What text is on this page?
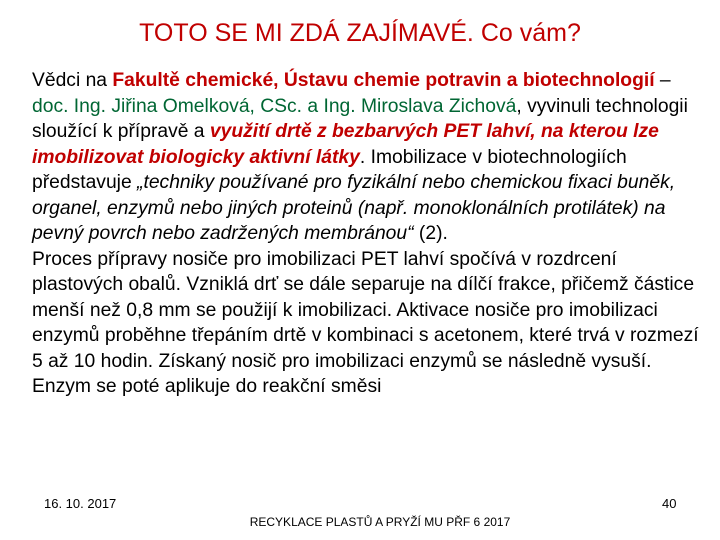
TOTO SE MI ZDÁ ZAJÍMAVÉ. Co vám?

Vědci na Fakultě chemické, Ústavu chemie potravin a biotechnologií – doc. Ing. Jiřina Omelková, CSc. a Ing. Miroslava Zichová, vyvinuli technologii sloužící k přípravě a využití drtě z bezbarvých PET lahví, na kterou lze imobilizovat biologicky aktivní látky. Imobilizace v biotechnologiích představuje „techniky používané pro fyzikální nebo chemickou fixaci buněk, organel, enzymů nebo jiných proteinů (např. monoklonálních protilátek) na pevný povrch nebo zadržených membránou“ (2).
Proces přípravy nosiče pro imobilizaci PET lahví spočívá v rozdrcení plastových obalů. Vzniklá drť se dále separuje na dílčí frakce, přičemž částice menší než 0,8 mm se použijí k imobilizaci. Aktivace nosiče pro imobilizaci enzymů proběhne třepáním drtě v kombinaci s acetonem, které trvá v rozmezí 5 až 10 hodin. Získaný nosič pro imobilizaci enzymů se následně vysuší. Enzym se poté aplikuje do reakční směsi

16. 10. 2017
RECYKLACE PLASTŮ A PRYŽÍ MU PŘF 6 2017
40
